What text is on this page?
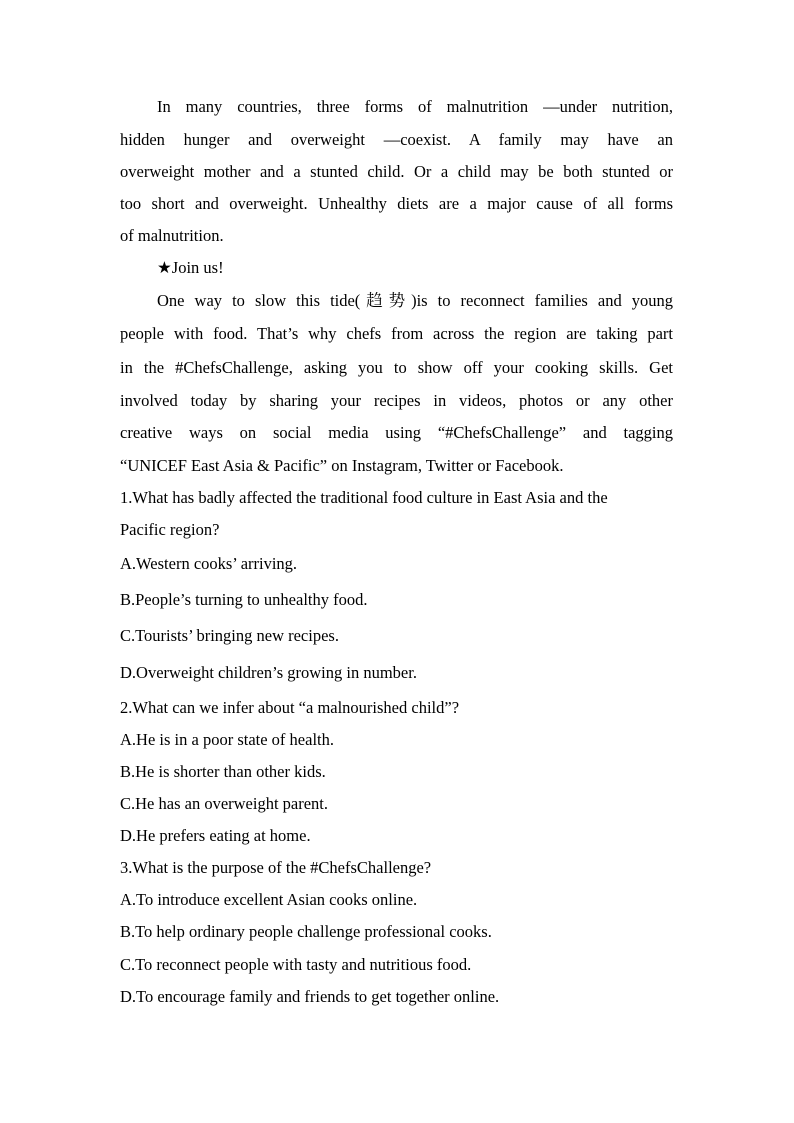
In many countries, three forms of malnutrition —under nutrition,
hidden hunger and overweight —coexist. A family may have an
overweight mother and a stunted child. Or a child may be both stunted or
too short and overweight. Unhealthy diets are a major cause of all forms
of malnutrition.
★Join us!
One way to slow this tide(趋势)is to reconnect families and young
people with food. That’s why chefs from across the region are taking part
in the #ChefsChallenge, asking you to show off your cooking skills. Get
involved today by sharing your recipes in videos, photos or any other
creative ways on social media using “#ChefsChallenge” and tagging
“UNICEF East Asia & Pacific” on Instagram, Twitter or Facebook.
1.What has badly affected the traditional food culture in East Asia and the
Pacific region?
A.Western cooks’ arriving.
B.People’s turning to unhealthy food.
C.Tourists’ bringing new recipes.
D.Overweight children’s growing in number.
2.What can we infer about “a malnourished child”?
A.He is in a poor state of health.
B.He is shorter than other kids.
C.He has an overweight parent.
D.He prefers eating at home.
3.What is the purpose of the #ChefsChallenge?
A.To introduce excellent Asian cooks online.
B.To help ordinary people challenge professional cooks.
C.To reconnect people with tasty and nutritious food.
D.To encourage family and friends to get together online.
